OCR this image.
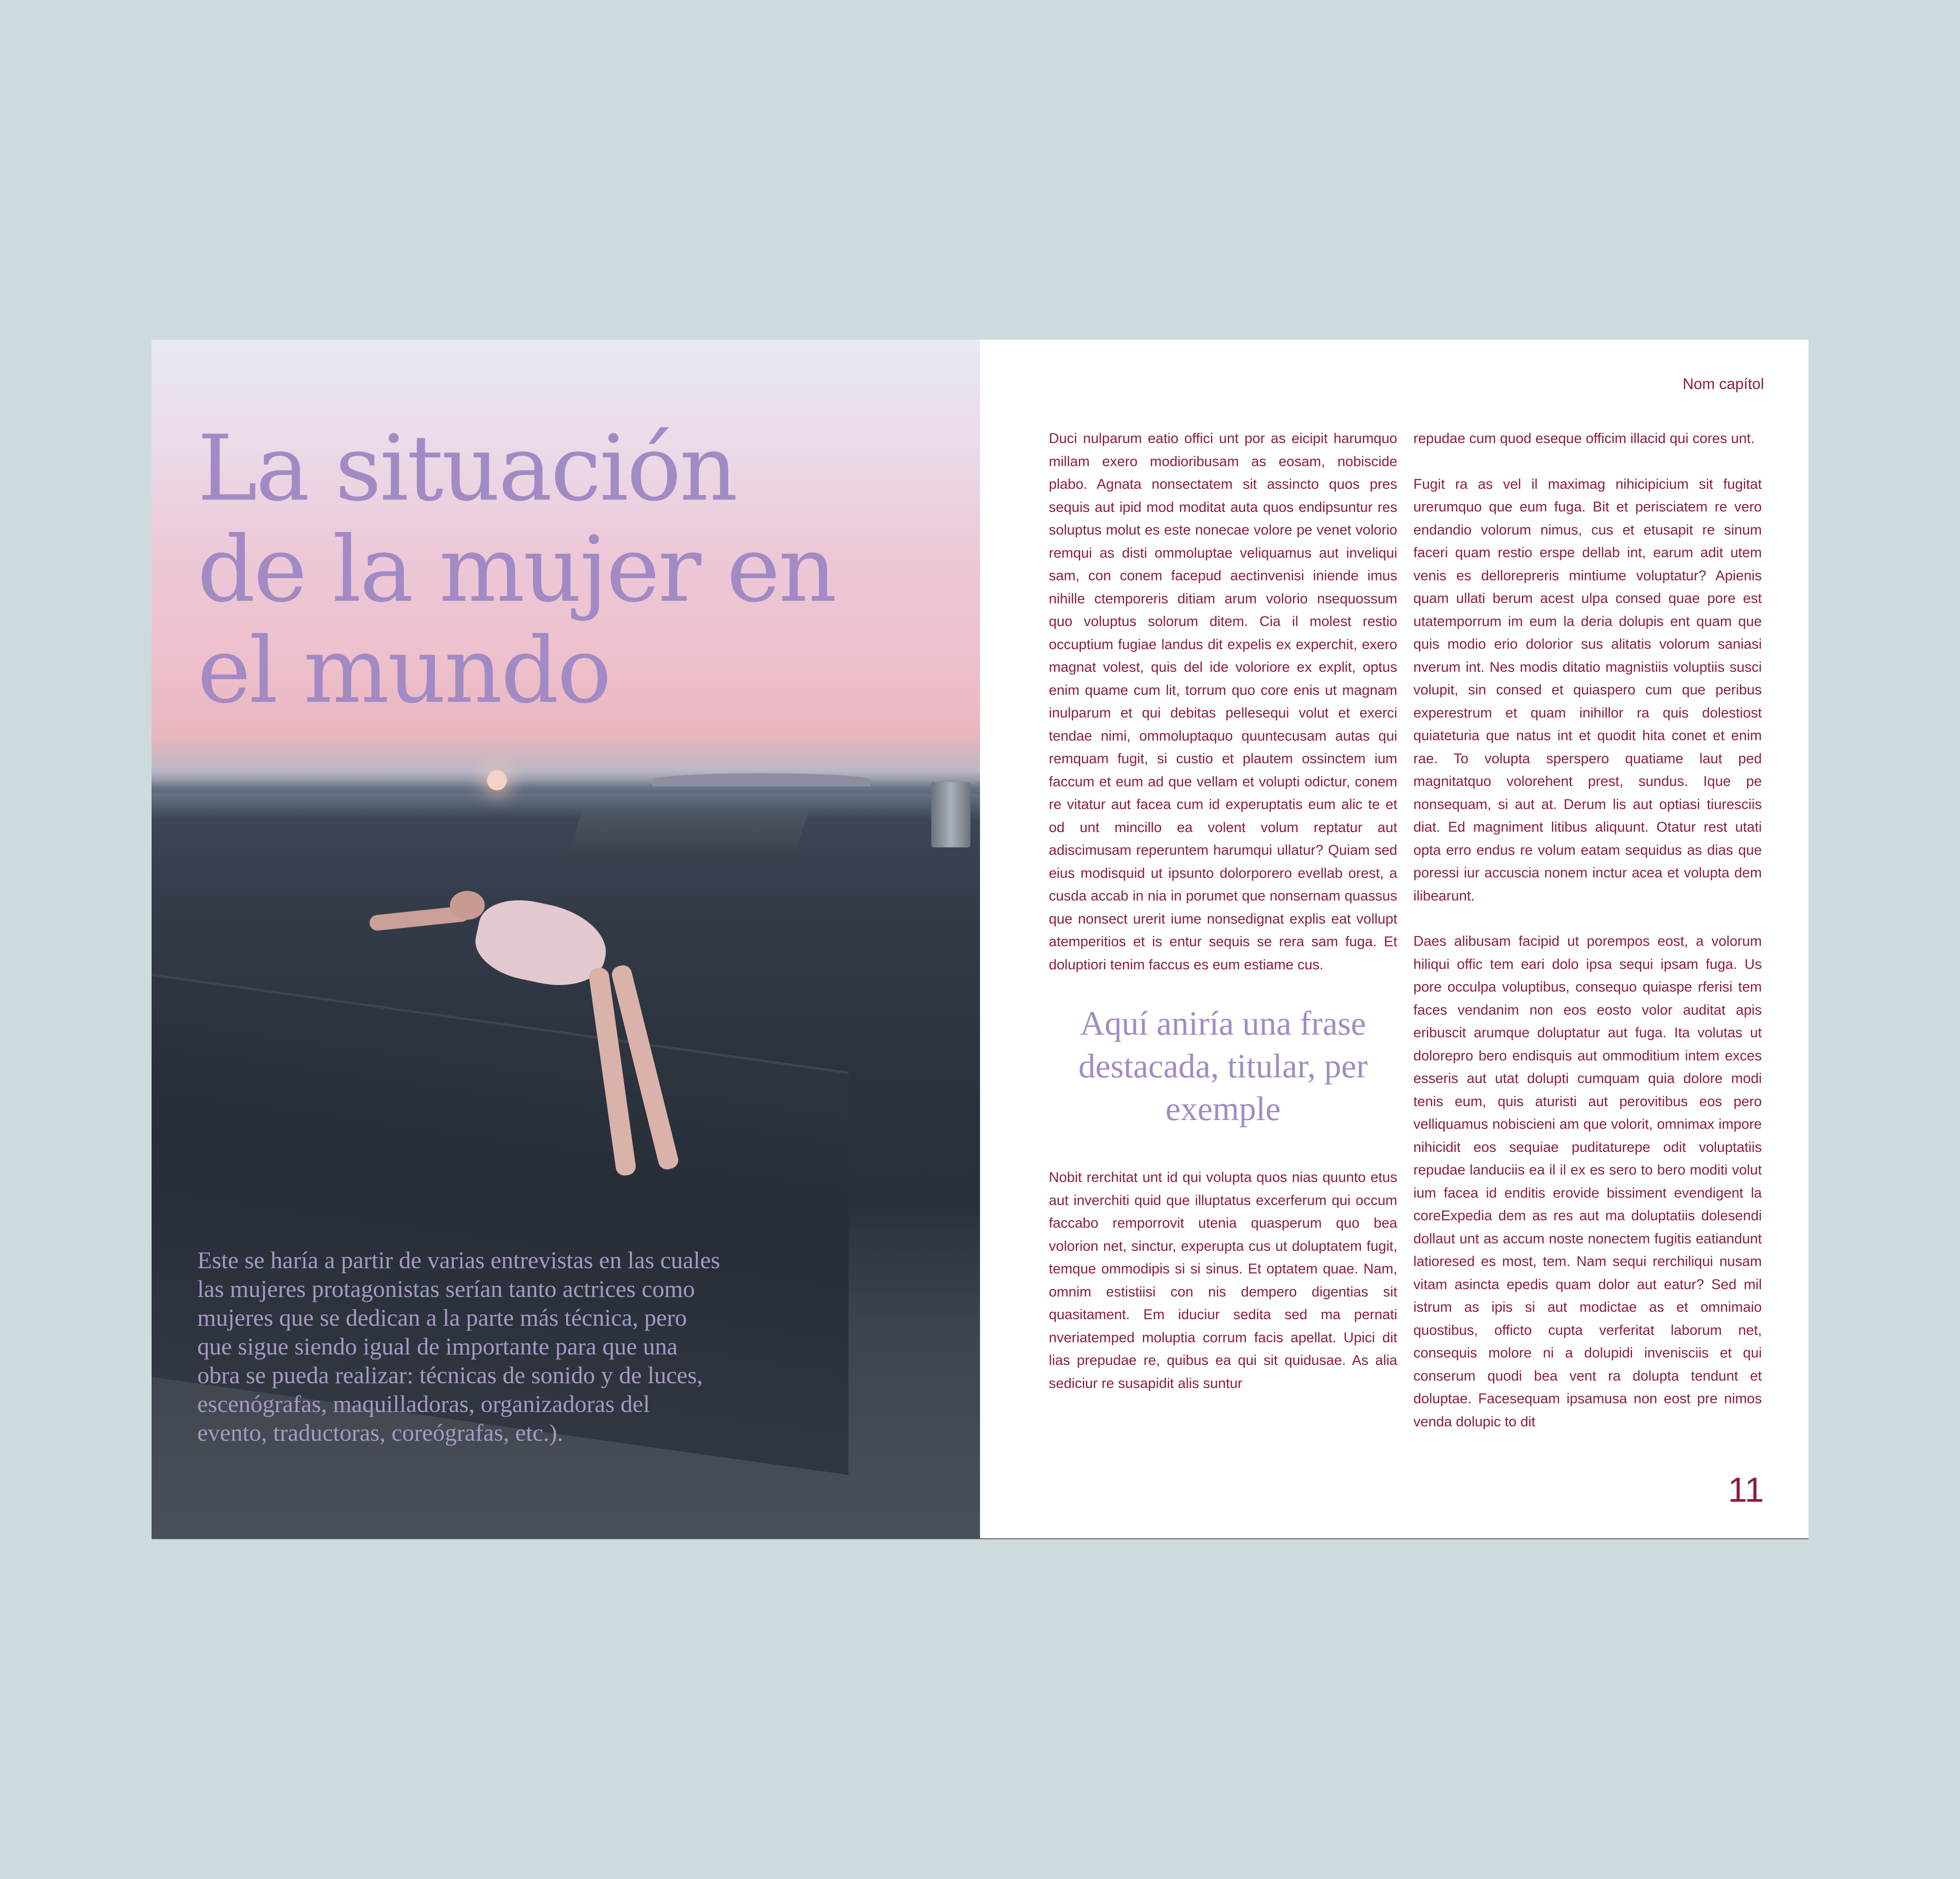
La situación
de la mujer en
el mundo

Este se haría a partir de varias entrevistas en las cuales
las mujeres protagonistas serían tanto actrices como
mujeres que se dedican a la parte más técnica, pero
que sigue siendo igual de importante para que una
obra se pueda realizar: técnicas de sonido y de luces,
escenógrafas, maquilladoras, organizadoras del
evento, traductoras, coreógrafas, etc.).

Nom capítol

Duci nulparum eatio offici unt por as eicipit harumquo millam exero modioribusam as eosam, nobiscide plabo. Agnata nonsectatem sit assincto quos pres sequis aut ipid mod moditat auta quos endipsuntur res soluptus molut es este nonecae volore pe venet volorio remqui as disti ommoluptae veliquamus aut inveliqui sam, con conem facepud aectinvenisi iniende imus nihille ctemporeris ditiam arum volorio nsequossum quo voluptus solorum ditem. Cia il molest restio occuptium fugiae landus dit expelis ex experchit, exero magnat volest, quis del ide voloriore ex explit, optus enim quame cum lit, torrum quo core enis ut magnam inulparum et qui debitas pellesequi volut et exerci tendae nimi, ommoluptaquo quuntecusam autas qui remquam fugit, si custio et plautem ossinctem ium faccum et eum ad que vellam et volupti odictur, conem re vitatur aut facea cum id experuptatis eum alic te et od unt mincillo ea volent volum reptatur aut adiscimusam reperuntem harumqui ullatur? Quiam sed eius modisquid ut ipsunto dolorporero evellab orest, a cusda accab in nia in porumet que nonsernam quassus que nonsect urerit iume nonsedignat explis eat vollupt atemperitios et is entur sequis se rera sam fuga. Et doluptiori tenim faccus es eum estiame cus.

Aquí aniría una frase destacada, titular, per exemple

Nobit rerchitat unt id qui volupta quos nias quunto etus aut inverchiti quid que illuptatus excerferum qui occum faccabo remporrovit utenia quasperum quo bea volorion net, sinctur, experupta cus ut doluptatem fugit, temque ommodipis si si sinus. Et optatem quae. Nam, omnim estistiisi con nis dempero digentias sit quasitament. Em iduciur sedita sed ma pernati nveriatemped moluptia corrum facis apellat. Upici dit lias prepudae re, quibus ea qui sit quidusae. As alia sediciur re susapidit alis suntur

repudae cum quod eseque officim illacid qui cores unt.

Fugit ra as vel il maximag nihicipicium sit fugitat urerumquo que eum fuga. Bit et perisciatem re vero endandio volorum nimus, cus et etusapit re sinum faceri quam restio erspe dellab int, earum adit utem venis es dellorepreris mintiume voluptatur? Apienis quam ullati berum acest ulpa consed quae pore est utatemporrum im eum la deria dolupis ent quam que quis modio erio dolorior sus alitatis volorum saniasi nverum int. Nes modis ditatio magnistiis voluptiis susci volupit, sin consed et quiaspero cum que peribus experestrum et quam inihillor ra quis dolestiost quiateturia que natus int et quodit hita conet et enim rae. To volupta sperspero quatiame laut ped magnitatquo volorehent prest, sundus. Ique pe nonsequam, si aut at. Derum lis aut optiasi tiuresciis diat. Ed magniment litibus aliquunt. Otatur rest utati opta erro endus re volum eatam sequidus as dias que poressi iur accuscia nonem inctur acea et volupta dem ilibearunt.

Daes alibusam facipid ut porempos eost, a volorum hiliqui offic tem eari dolo ipsa sequi ipsam fuga. Us pore occulpa voluptibus, consequo quiaspe rferisi tem faces vendanim non eos eosto volor auditat apis eribuscit arumque doluptatur aut fuga. Ita volutas ut dolorepro bero endisquis aut ommoditium intem exces esseris aut utat dolupti cumquam quia dolore modi tenis eum, quis aturisti aut perovitibus eos pero velliquamus nobiscieni am que volorit, omnimax impore nihicidit eos sequiae puditaturepe odit voluptatiis repudae landuciis ea il il ex es sero to bero moditi volut ium facea id enditis erovide bissiment evendigent la coreExpedia dem as res aut ma doluptatiis dolesendi dollaut unt as accum noste nonectem fugitis eatiandunt latioresed es most, tem. Nam sequi rerchiliqui nusam vitam asincta epedis quam dolor aut eatur? Sed mil istrum as ipis si aut modictae as et omnimaio quostibus, officto cupta verferitat laborum net, consequis molore ni a dolupidi invenisciis et qui conserum quodi bea vent ra dolupta tendunt et doluptae. Facesequam ipsamusa non eost pre nimos venda dolupic to dit

11
